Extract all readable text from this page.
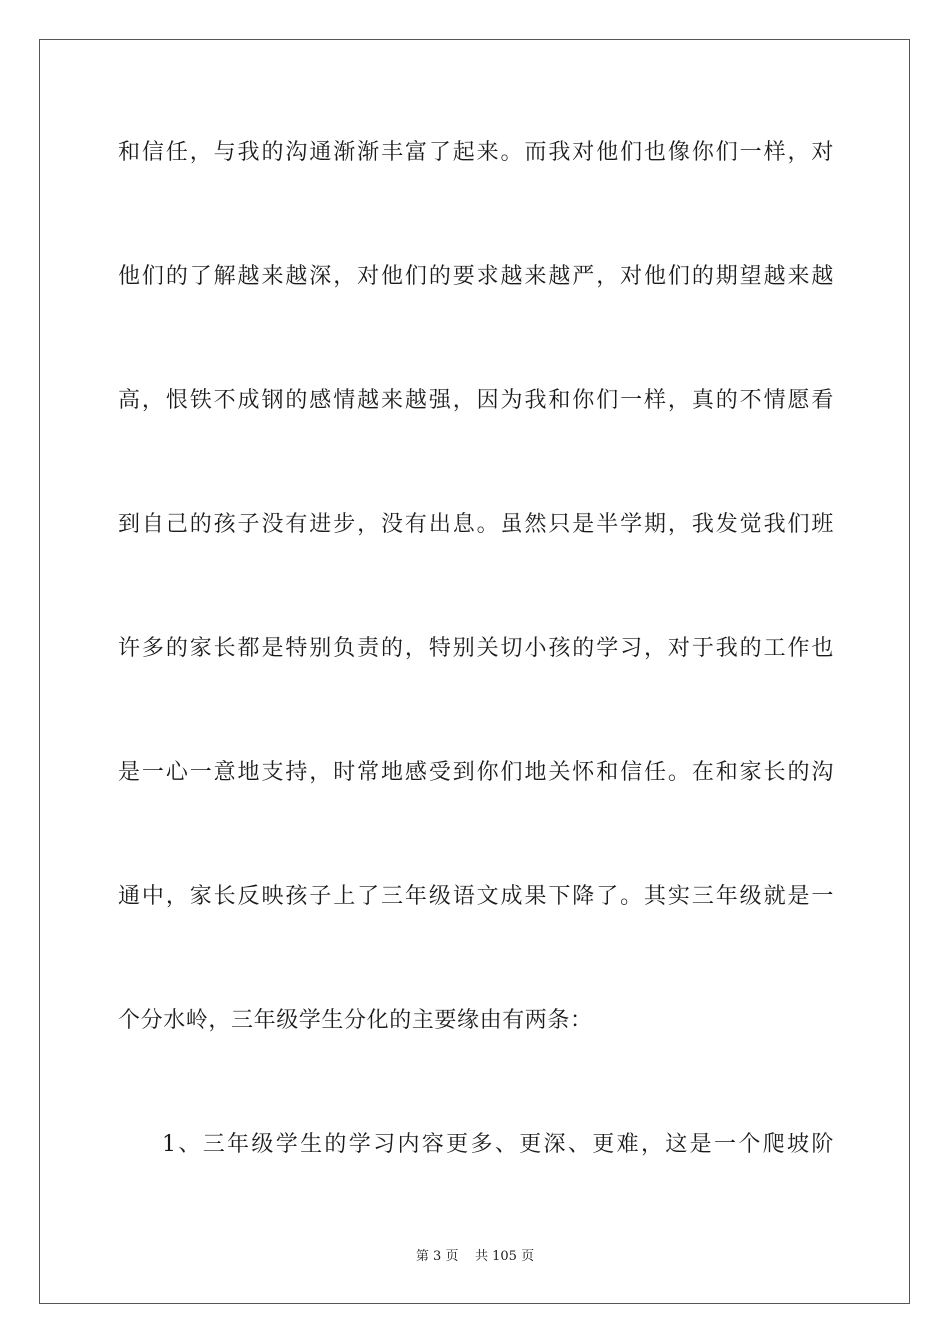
和信任，与我的沟通渐渐丰富了起来。而我对他们也像你们一样，对
他们的了解越来越深，对他们的要求越来越严，对他们的期望越来越
高，恨铁不成钢的感情越来越强，因为我和你们一样，真的不情愿看
到自己的孩子没有进步，没有出息。虽然只是半学期，我发觉我们班
许多的家长都是特别负责的，特别关切小孩的学习，对于我的工作也
是一心一意地支持，时常地感受到你们地关怀和信任。在和家长的沟
通中，家长反映孩子上了三年级语文成果下降了。其实三年级就是一
个分水岭，三年级学生分化的主要缘由有两条：
1、三年级学生的学习内容更多、更深、更难，这是一个爬坡阶
第 3 页 共 105 页
